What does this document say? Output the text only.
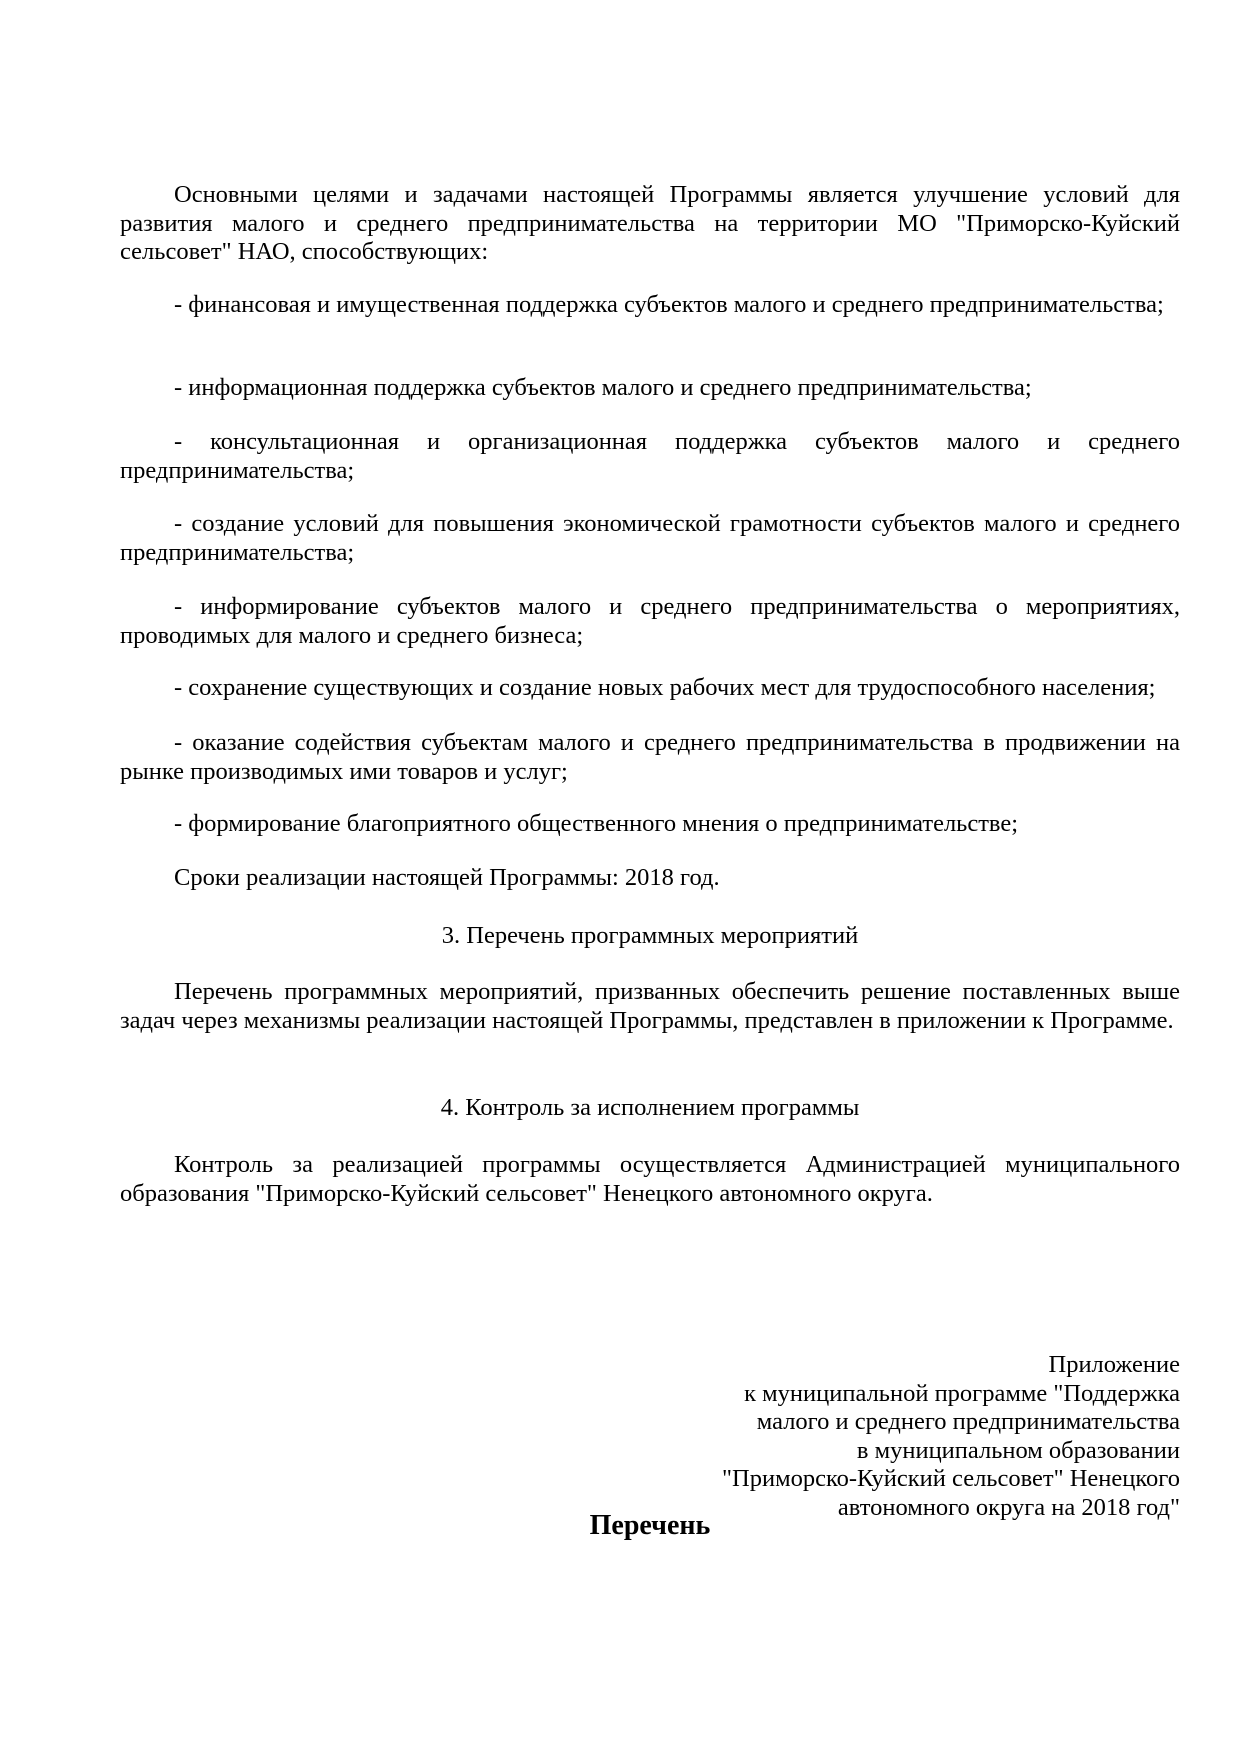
Основными целями и задачами настоящей Программы является улучшение условий для развития малого и среднего предпринимательства на территории МО "Приморско-Куйский сельсовет" НАО, способствующих:

- финансовая и имущественная поддержка субъектов малого и среднего предпринимательства;

- информационная поддержка субъектов малого и среднего предпринимательства;

- консультационная и организационная поддержка субъектов малого и среднего предпринимательства;

- создание условий для повышения экономической грамотности субъектов малого и среднего предпринимательства;

- информирование субъектов малого и среднего предпринимательства о мероприятиях, проводимых для малого и среднего бизнеса;

- сохранение существующих и создание новых рабочих мест для трудоспособного населения;

- оказание содействия субъектам малого и среднего предпринимательства в продвижении на рынке производимых ими товаров и услуг;

- формирование благоприятного общественного мнения о предпринимательстве;

Сроки реализации настоящей Программы: 2018 год.

3. Перечень программных мероприятий

Перечень программных мероприятий, призванных обеспечить решение поставленных выше задач через механизмы реализации настоящей Программы, представлен в приложении к Программе.

4. Контроль за исполнением программы

Контроль за реализацией программы осуществляется Администрацией муниципального образования "Приморско-Куйский сельсовет" Ненецкого автономного округа.

Приложение
к муниципальной программе "Поддержка
малого и среднего предпринимательства
в муниципальном образовании
"Приморско-Куйский сельсовет" Ненецкого
автономного округа на 2018 год"
Перечень
